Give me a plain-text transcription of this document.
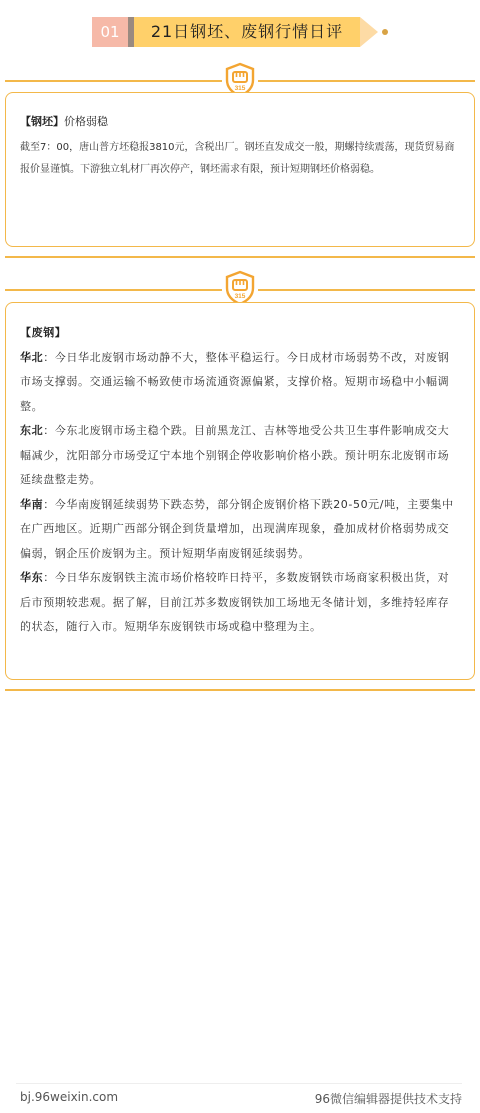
01	21日钢坯、废钢行情日评
315
【钢坯】价格弱稳
截至7：00，唐山普方坯稳报3810元，含税出厂。钢坯直发成交一般，期螺持续震荡，现货贸易商报价显谨慎。下游独立轧材厂再次停产，钢坯需求有限，预计短期钢坯价格弱稳。
315

【废钢】

华北：今日华北废钢市场动静不大，整体平稳运行。今日成材市场弱势不改，对废钢市场支撑弱。交通运输不畅致使市场流通资源偏紧，支撑价格。短期市场稳中小幅调整。

东北：今东北废钢市场主稳个跌。目前黑龙江、吉林等地受公共卫生事件影响成交大幅减少，沈阳部分市场受辽宁本地个别钢企停收影响价格小跌。预计明东北废钢市场延续盘整走势。

华南：今华南废钢延续弱势下跌态势，部分钢企废钢价格下跌20-50元/吨，主要集中在广西地区。近期广西部分钢企到货量增加，出现满库现象，叠加成材价格弱势成交偏弱，钢企压价废钢为主。预计短期华南废钢延续弱势。

华东：今日华东废钢铁主流市场价格较昨日持平，多数废钢铁市场商家积极出货，对后市预期较悲观。据了解，目前江苏多数废钢铁加工场地无冬储计划，多维持轻库存的状态，随行入市。短期华东废钢铁市场或稳中整理为主。

bj.96weixin.com	96微信编辑器提供技术支持
